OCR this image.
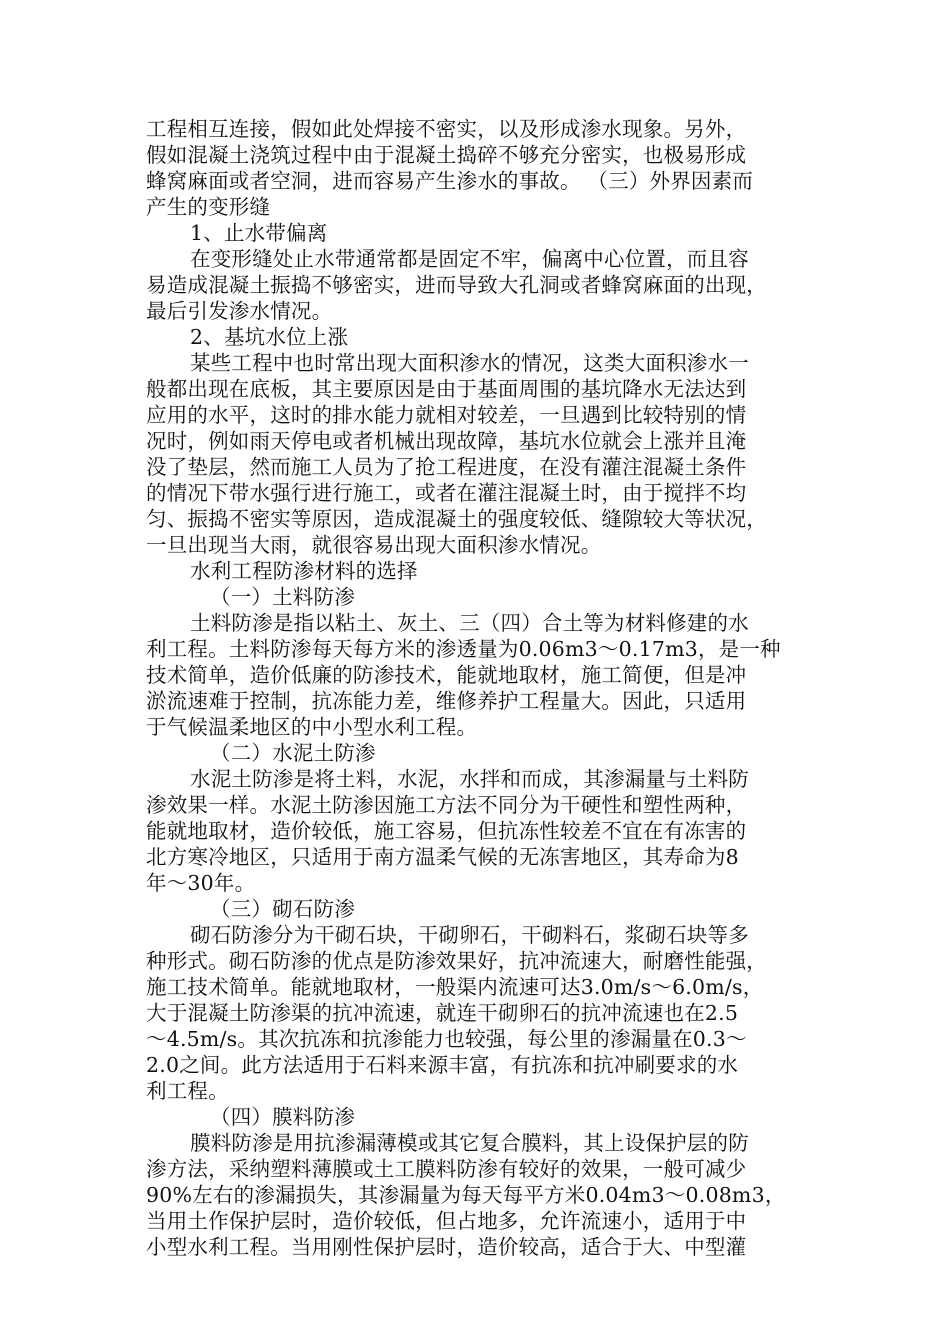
工程相互连接，假如此处焊接不密实，以及形成渗水现象。另外，
假如混凝土浇筑过程中由于混凝土捣碎不够充分密实，也极易形成
蜂窝麻面或者空洞，进而容易产生渗水的事故。 （三）外界因素而
产生的变形缝
1、止水带偏离
在变形缝处止水带通常都是固定不牢，偏离中心位置，而且容
易造成混凝土振捣不够密实，进而导致大孔洞或者蜂窝麻面的出现，
最后引发渗水情况。
2、基坑水位上涨
某些工程中也时常出现大面积渗水的情况，这类大面积渗水一
般都出现在底板，其主要原因是由于基面周围的基坑降水无法达到
应用的水平，这时的排水能力就相对较差，一旦遇到比较特别的情
况时，例如雨天停电或者机械出现故障，基坑水位就会上涨并且淹
没了垫层，然而施工人员为了抢工程进度，在没有灌注混凝土条件
的情况下带水强行进行施工，或者在灌注混凝土时，由于搅拌不均
匀、振捣不密实等原因，造成混凝土的强度较低、缝隙较大等状况，
一旦出现当大雨，就很容易出现大面积渗水情况。
水利工程防渗材料的选择
（一）土料防渗
土料防渗是指以粘土、灰土、三（四）合土等为材料修建的水
利工程。土料防渗每天每方米的渗透量为0.06m3～0.17m3，是一种
技术简单，造价低廉的防渗技术，能就地取材，施工简便，但是冲
淤流速难于控制，抗冻能力差，维修养护工程量大。因此，只适用
于气候温柔地区的中小型水利工程。
（二）水泥土防渗
水泥土防渗是将土料，水泥，水拌和而成，其渗漏量与土料防
渗效果一样。水泥土防渗因施工方法不同分为干硬性和塑性两种，
能就地取材，造价较低，施工容易，但抗冻性较差不宜在有冻害的
北方寒冷地区，只适用于南方温柔气候的无冻害地区，其寿命为8
年～30年。
（三）砌石防渗
砌石防渗分为干砌石块，干砌卵石，干砌料石，浆砌石块等多
种形式。砌石防渗的优点是防渗效果好，抗冲流速大，耐磨性能强，
施工技术简单。能就地取材，一般渠内流速可达3.0m/s～6.0m/s，
大于混凝土防渗渠的抗冲流速，就连干砌卵石的抗冲流速也在2.5
～4.5m/s。其次抗冻和抗渗能力也较强，每公里的渗漏量在0.3～
2.0之间。此方法适用于石料来源丰富，有抗冻和抗冲刷要求的水
利工程。
（四）膜料防渗
膜料防渗是用抗渗漏薄模或其它复合膜料，其上设保护层的防
渗方法，采纳塑料薄膜或土工膜料防渗有较好的效果，一般可减少
90%左右的渗漏损失，其渗漏量为每天每平方米0.04m3～0.08m3，
当用土作保护层时，造价较低，但占地多，允许流速小，适用于中
小型水利工程。当用刚性保护层时，造价较高，适合于大、中型灌
